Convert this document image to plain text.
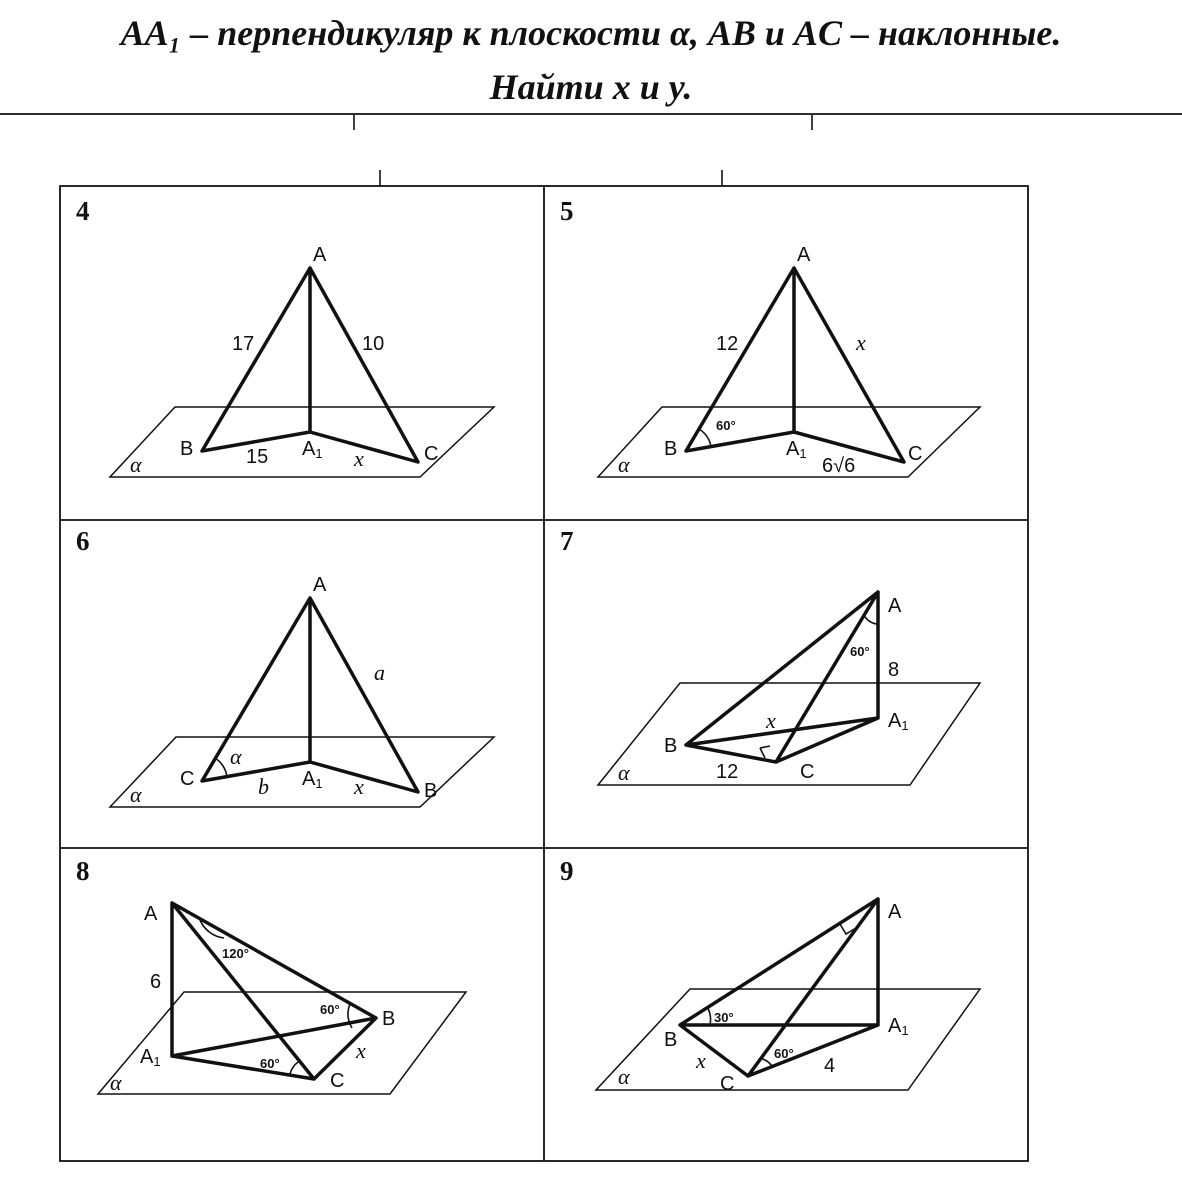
AA₁ – перпендикуляр к плоскости α, AB и AC – наклонные.
Найти x и y.
4
α
A
B	C
A1
17	10
15	x
5
α
A
B	C
A1
12	x
6√6
60°
6
α
A
C
B
A1
a
b	x
α
7
α
A
B
C
A1
8
12
x
60°
8
α
A
B
C
A1
6
x
120°
60°
60°
9
α
A
B
C
A1
x	4
30°
60°
